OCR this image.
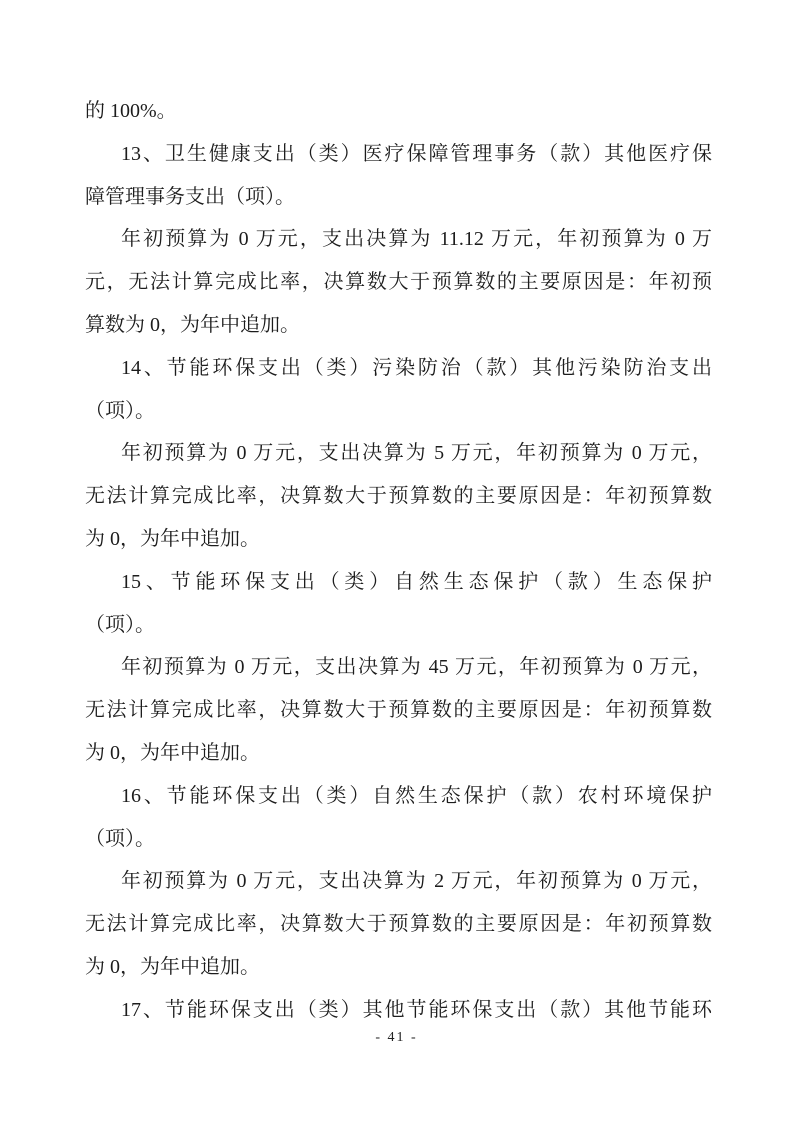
的 100%。
13、卫生健康支出（类）医疗保障管理事务（款）其他医疗保
障管理事务支出（项）。
年初预算为 0 万元，支出决算为 11.12 万元，年初预算为 0 万
元，无法计算完成比率，决算数大于预算数的主要原因是：年初预
算数为 0，为年中追加。
14、节能环保支出（类）污染防治（款）其他污染防治支出
（项）。
年初预算为 0 万元，支出决算为 5 万元，年初预算为 0 万元，
无法计算完成比率，决算数大于预算数的主要原因是：年初预算数
为 0，为年中追加。
15、节能环保支出（类）自然生态保护（款）生态保护
（项）。
年初预算为 0 万元，支出决算为 45 万元，年初预算为 0 万元，
无法计算完成比率，决算数大于预算数的主要原因是：年初预算数
为 0，为年中追加。
16、节能环保支出（类）自然生态保护（款）农村环境保护
（项）。
年初预算为 0 万元，支出决算为 2 万元，年初预算为 0 万元，
无法计算完成比率，决算数大于预算数的主要原因是：年初预算数
为 0，为年中追加。
17、节能环保支出（类）其他节能环保支出（款）其他节能环
- 41 -
